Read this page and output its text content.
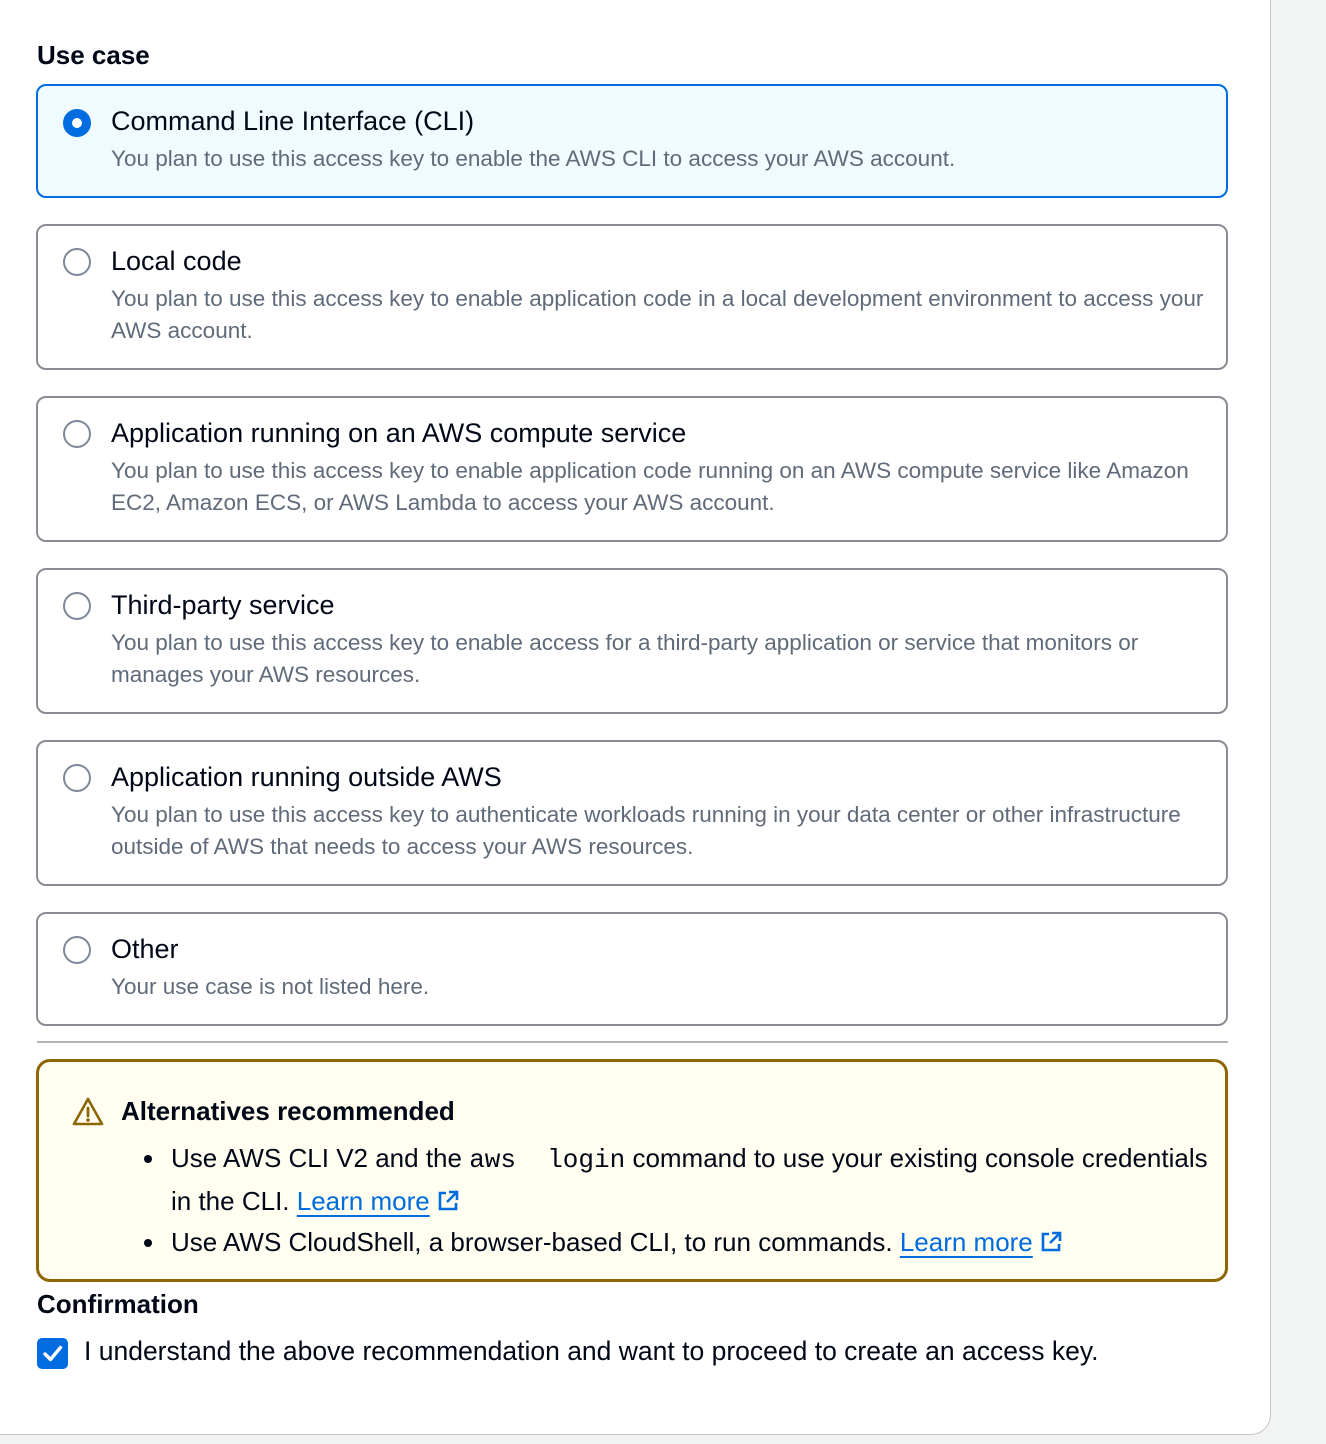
Use case
Command Line Interface (CLI)
You plan to use this access key to enable the AWS CLI to access your AWS account.
Local code
You plan to use this access key to enable application code in a local development environment to access your AWS account.
Application running on an AWS compute service
You plan to use this access key to enable application code running on an AWS compute service like Amazon EC2, Amazon ECS, or AWS Lambda to access your AWS account.
Third-party service
You plan to use this access key to enable access for a third-party application or service that monitors or manages your AWS resources.
Application running outside AWS
You plan to use this access key to authenticate workloads running in your data center or other infrastructure outside of AWS that needs to access your AWS resources.
Other
Your use case is not listed here.
Alternatives recommended
Use AWS CLI V2 and the aws  login command to use your existing console credentials in the CLI. Learn more
Use AWS CloudShell, a browser-based CLI, to run commands. Learn more
Confirmation
I understand the above recommendation and want to proceed to create an access key.
